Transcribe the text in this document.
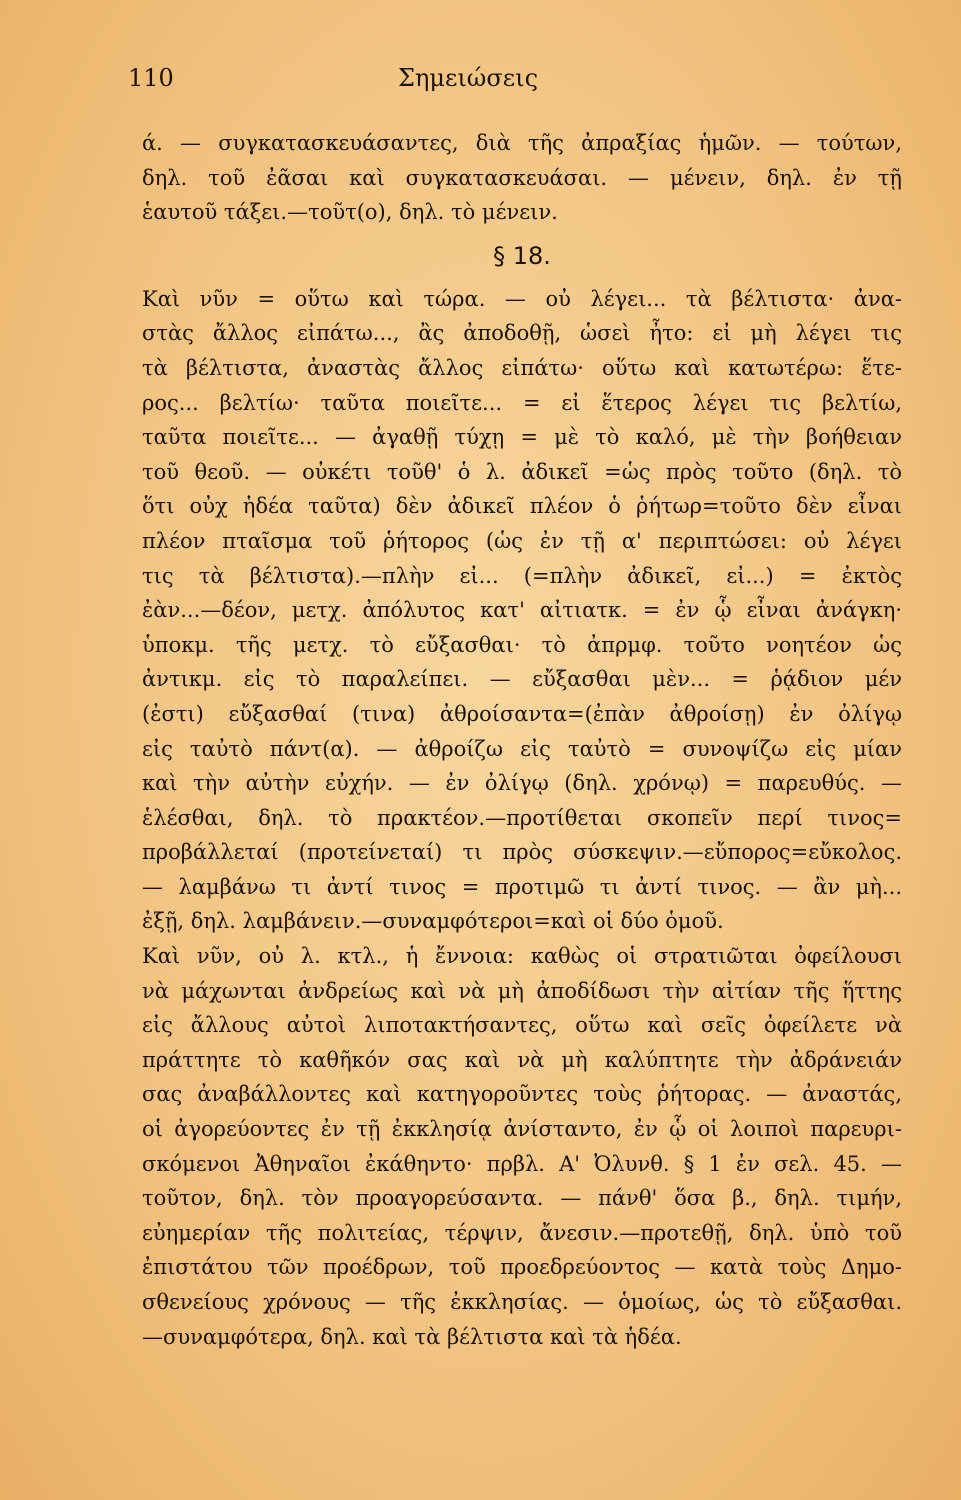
110	Σημειώσεις
ά. — συγκατασκευάσαντες, διὰ τῆς ἀπραξίας ἡμῶν. — τούτων,
δηλ. τοῦ ἐᾶσαι καὶ συγκατασκευάσαι. — μένειν, δηλ. ἐν τῇ
ἑαυτοῦ τάξει.—τοῦτ(ο), δηλ. τὸ μένειν.
§ 18.
Καὶ νῦν = οὕτω καὶ τώρα. — οὐ λέγει... τὰ βέλτιστα· ἀνα-
στὰς ἄλλος εἰπάτω..., ἂς ἀποδοθῇ, ὡσεὶ ἦτο: εἰ μὴ λέγει τις
τὰ βέλτιστα, ἀναστὰς ἄλλος εἰπάτω· οὕτω καὶ κατωτέρω: ἕτε-
ρος... βελτίω· ταῦτα ποιεῖτε... = εἰ ἕτερος λέγει τις βελτίω,
ταῦτα ποιεῖτε... — ἀγαθῇ τύχῃ = μὲ τὸ καλό, μὲ τὴν βοήθειαν
τοῦ θεοῦ. — οὐκέτι τοῦθ' ὁ λ. ἀδικεῖ =ὡς πρὸς τοῦτο (δηλ. τὸ
ὅτι οὐχ ἡδέα ταῦτα) δὲν ἀδικεῖ πλέον ὁ ῥήτωρ=τοῦτο δὲν εἶναι
πλέον πταῖσμα τοῦ ῥήτορος (ὡς ἐν τῇ α' περιπτώσει: οὐ λέγει
τις τὰ βέλτιστα).—πλὴν εἰ... (=πλὴν ἀδικεῖ, εἰ...) = ἐκτὸς
ἐὰν...—δέον, μετχ. ἀπόλυτος κατ' αἰτιατκ. = ἐν ᾧ εἶναι ἀνάγκη·
ὑποκμ. τῆς μετχ. τὸ εὔξασθαι· τὸ ἀπρμφ. τοῦτο νοητέον ὡς
ἀντικμ. εἰς τὸ παραλείπει. — εὔξασθαι μὲν... = ῥᾴδιον μέν
(ἐστι) εὔξασθαί (τινα) ἀθροίσαντα=(ἐπὰν ἀθροίσῃ) ἐν ὀλίγῳ
εἰς ταὐτὸ πάντ(α). — ἀθροίζω εἰς ταὐτὸ = συνοψίζω εἰς μίαν
καὶ τὴν αὐτὴν εὐχήν. — ἐν ὀλίγῳ (δηλ. χρόνῳ) = παρευθύς. —
ἑλέσθαι, δηλ. τὸ πρακτέον.—προτίθεται σκοπεῖν περί τινος=
προβάλλεταί (προτείνεταί) τι πρὸς σύσκεψιν.—εὔπορος=εὔκολος.
— λαμβάνω τι ἀντί τινος = προτιμῶ τι ἀντί τινος. — ἂν μὴ...
ἐξῇ, δηλ. λαμβάνειν.—συναμφότεροι=καὶ οἱ δύο ὁμοῦ.
Καὶ νῦν, οὐ λ. κτλ., ἡ ἔννοια: καθὼς οἱ στρατιῶται ὀφείλουσι
νὰ μάχωνται ἀνδρείως καὶ νὰ μὴ ἀποδίδωσι τὴν αἰτίαν τῆς ἥττης
εἰς ἄλλους αὐτοὶ λιποτακτήσαντες, οὕτω καὶ σεῖς ὀφείλετε νὰ
πράττητε τὸ καθῆκόν σας καὶ νὰ μὴ καλύπτητε τὴν ἀδράνειάν
σας ἀναβάλλοντες καὶ κατηγοροῦντες τοὺς ῥήτορας. — ἀναστάς,
οἱ ἀγορεύοντες ἐν τῇ ἐκκλησίᾳ ἀνίσταντο, ἐν ᾧ οἱ λοιποὶ παρευρι-
σκόμενοι Ἀθηναῖοι ἐκάθηντο· πρβλ. Α' Ὀλυνθ. § 1 ἐν σελ. 45. —
τοῦτον, δηλ. τὸν προαγορεύσαντα. — πάνθ' ὅσα β., δηλ. τιμήν,
εὐημερίαν τῆς πολιτείας, τέρψιν, ἄνεσιν.—προτεθῇ, δηλ. ὑπὸ τοῦ
ἐπιστάτου τῶν προέδρων, τοῦ προεδρεύοντος — κατὰ τοὺς Δημο-
σθενείους χρόνους — τῆς ἐκκλησίας. — ὁμοίως, ὡς τὸ εὔξασθαι.
—συναμφότερα, δηλ. καὶ τὰ βέλτιστα καὶ τὰ ἡδέα.
